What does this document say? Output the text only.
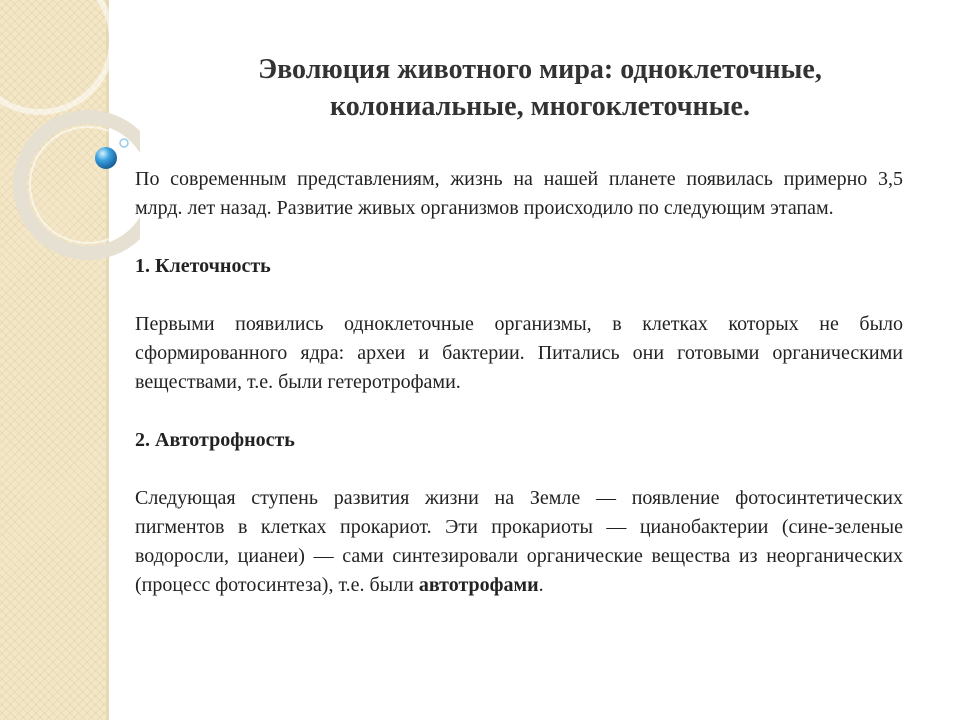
Эволюция животного мира: одноклеточные,
колониальные, многоклеточные.

По современным представлениям, жизнь на нашей планете появилась примерно 3,5 млрд. лет назад. Развитие живых организмов происходило по следующим этапам.

1. Клеточность

Первыми появились одноклеточные организмы, в клетках которых не было сформированного ядра: археи и бактерии. Питались они готовыми органическими веществами, т.е. были гетеротрофами.

2. Автотрофность

Следующая ступень развития жизни на Земле — появление фотосинтетических пигментов в клетках прокариот. Эти прокариоты — цианобактерии (сине-зеленые водоросли, цианеи) — сами синтезировали органические вещества из неорганических (процесс фотосинтеза), т.е. были автотрофами.
